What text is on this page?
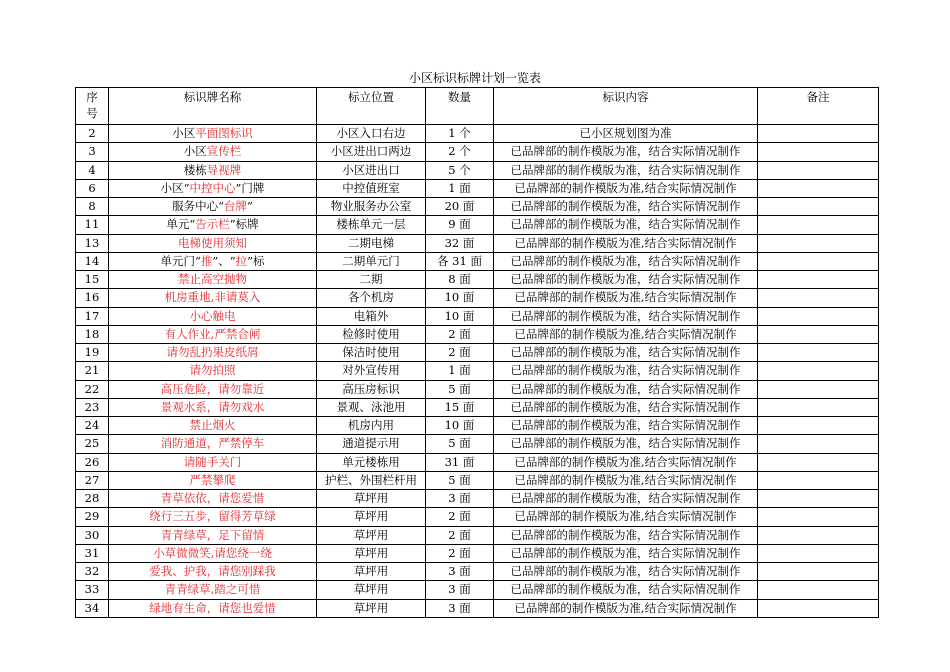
小区标识标牌计划一览表
序
号	标识牌名称	标立位置	数量	标识内容	备注
2	小区平面图标识	小区入口右边	1 个	已小区规划图为准	
3	小区宣传栏	小区进出口两边	2 个	已品牌部的制作模版为准，结合实际情况制作	
4	楼栋导视牌	小区进出口	5 个	已品牌部的制作模版为准，结合实际情况制作	
6	小区“中控中心”门牌	中控值班室	1 面	已品牌部的制作模版为准,结合实际情况制作	
8	服务中心“台牌”	物业服务办公室	20 面	已品牌部的制作模版为准，结合实际情况制作	
11	单元“告示栏”标牌	楼栋单元一层	9 面	已品牌部的制作模版为准，结合实际情况制作	
13	电梯使用须知	二期电梯	32 面	已品牌部的制作模版为准,结合实际情况制作	
14	单元门“推”、“拉”标	二期单元门	各 31 面	已品牌部的制作模版为准，结合实际情况制作	
15	禁止高空抛物	二期	8 面	已品牌部的制作模版为准，结合实际情况制作	
16	机房重地,非请莫入	各个机房	10 面	已品牌部的制作模版为准,结合实际情况制作	
17	小心触电	电箱外	10 面	已品牌部的制作模版为准，结合实际情况制作	
18	有人作业,严禁合闸	检修时使用	2 面	已品牌部的制作模版为准,结合实际情况制作	
19	请勿乱扔果皮纸屑	保洁时使用	2 面	已品牌部的制作模版为准，结合实际情况制作	
21	请勿拍照	对外宣传用	1 面	已品牌部的制作模版为准，结合实际情况制作	
22	高压危险，请勿靠近	高压房标识	5 面	已品牌部的制作模版为准，结合实际情况制作	
23	景观水系，请勿戏水	景观、泳池用	15 面	已品牌部的制作模版为准，结合实际情况制作	
24	禁止烟火	机房内用	10 面	已品牌部的制作模版为准，结合实际情况制作	
25	消防通道，严禁停车	通道提示用	5 面	已品牌部的制作模版为准，结合实际情况制作	
26	请随手关门	单元楼栋用	31 面	已品牌部的制作模版为准,结合实际情况制作	
27	严禁攀爬	护栏、外围栏杆用	5 面	已品牌部的制作模版为准,结合实际情况制作	
28	青草依依，请您爱惜	草坪用	3 面	已品牌部的制作模版为准，结合实际情况制作	
29	绕行三五步，留得芳草绿	草坪用	2 面	已品牌部的制作模版为准,结合实际情况制作	
30	青青绿草，足下留情	草坪用	2 面	已品牌部的制作模版为准，结合实际情况制作	
31	小草微微笑,请您绕一绕	草坪用	2 面	已品牌部的制作模版为准，结合实际情况制作	
32	爱我、护我，请您别踩我	草坪用	3 面	已品牌部的制作模版为准，结合实际情况制作	
33	青青绿草,踏之可惜	草坪用	3 面	已品牌部的制作模版为准，结合实际情况制作	
34	绿地有生命，请您也爱惜	草坪用	3 面	已品牌部的制作模版为准,结合实际情况制作	
